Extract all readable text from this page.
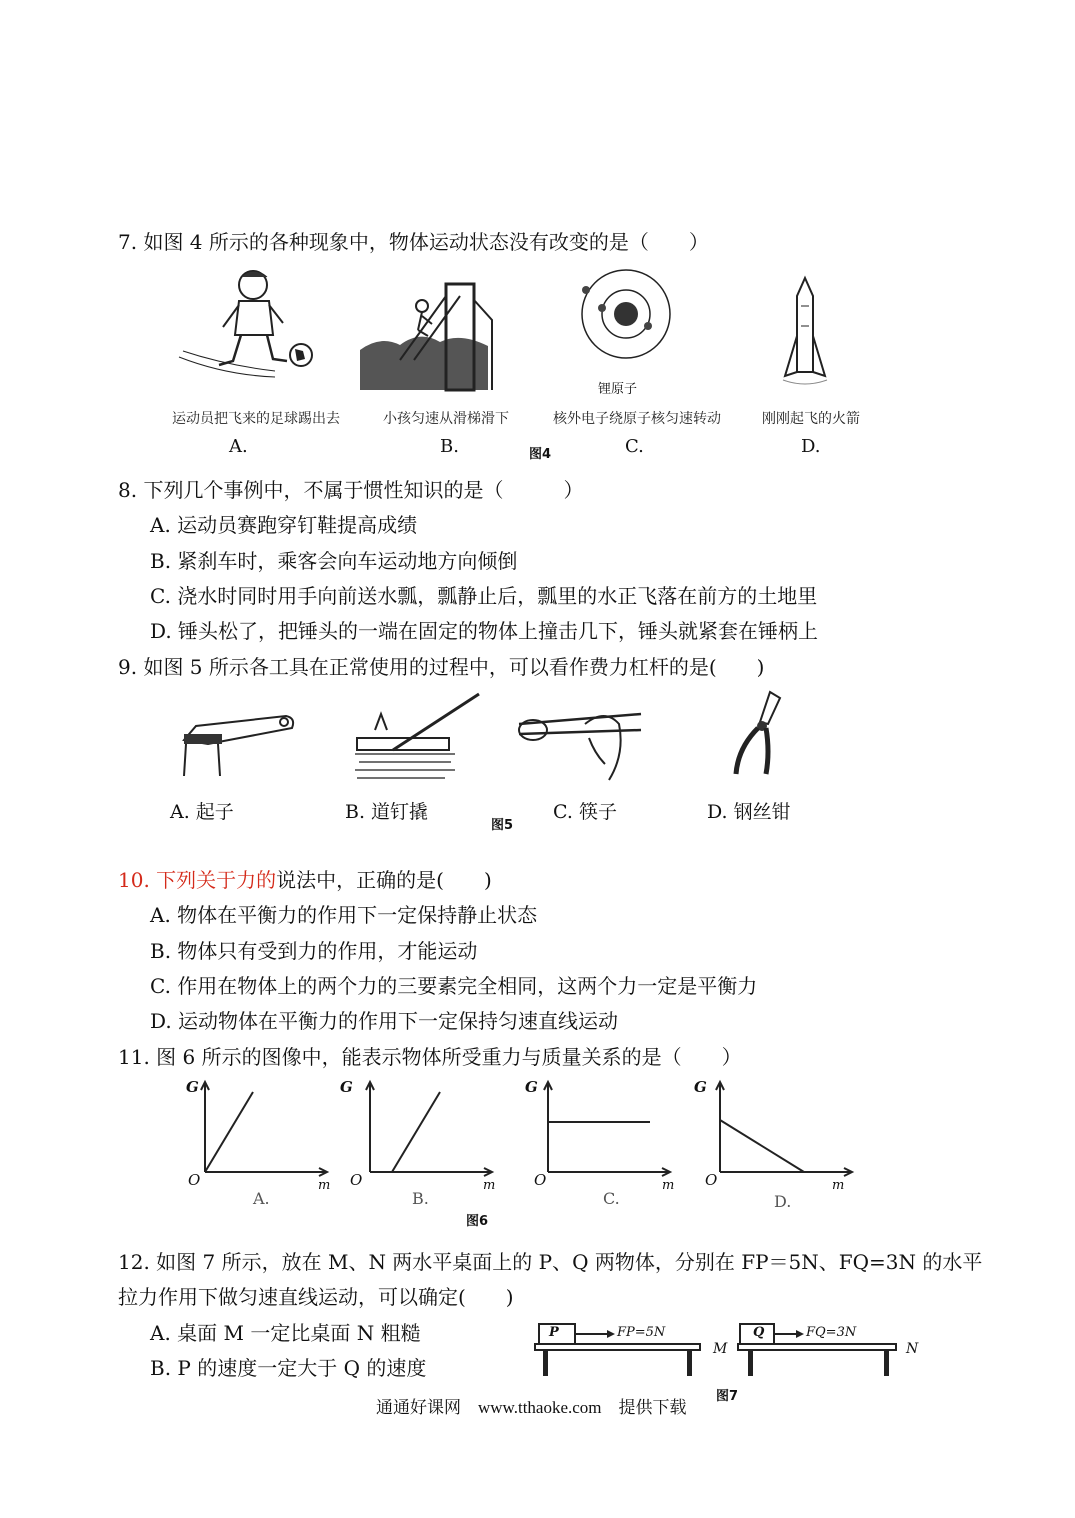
7. 如图 4 所示的各种现象中，物体运动状态没有改变的是（　　）
锂原子
运动员把飞来的足球踢出去	小孩匀速从滑梯滑下	核外电子绕原子核匀速转动	刚刚起飞的火箭
A.	B.	图4	C.	D.
8. 下列几个事例中，不属于惯性知识的是（　　　）
A. 运动员赛跑穿钉鞋提高成绩
B. 紧刹车时，乘客会向车运动地方向倾倒
C. 浇水时同时用手向前送水瓢，瓢静止后，瓢里的水正飞落在前方的土地里
D. 锤头松了，把锤头的一端在固定的物体上撞击几下，锤头就紧套在锤柄上
9. 如图 5 所示各工具在正常使用的过程中，可以看作费力杠杆的是(　　)
A. 起子	B. 道钉撬
图5
C. 筷子	D. 钢丝钳
10. 下列关于力的说法中，正确的是(　　)
A. 物体在平衡力的作用下一定保持静止状态
B. 物体只有受到力的作用，才能运动
C. 作用在物体上的两个力的三要素完全相同，这两个力一定是平衡力
D. 运动物体在平衡力的作用下一定保持匀速直线运动
11. 图 6 所示的图像中，能表示物体所受重力与质量关系的是（　　）
G
O	m
A.
G
O	m
B.
G
O	m
C.
G
O	m
D.
图6
12. 如图 7 所示，放在 M、N 两水平桌面上的 P、Q 两物体，分别在 FP＝5N、FQ=3N 的水平
拉力作用下做匀速直线运动，可以确定(　　)
A. 桌面 M 一定比桌面 N 粗糙
B. P 的速度一定大于 Q 的速度
P	FP=5N
M
Q	FQ=3N
N
图7
通通好课网　www.tthaoke.com　提供下载
